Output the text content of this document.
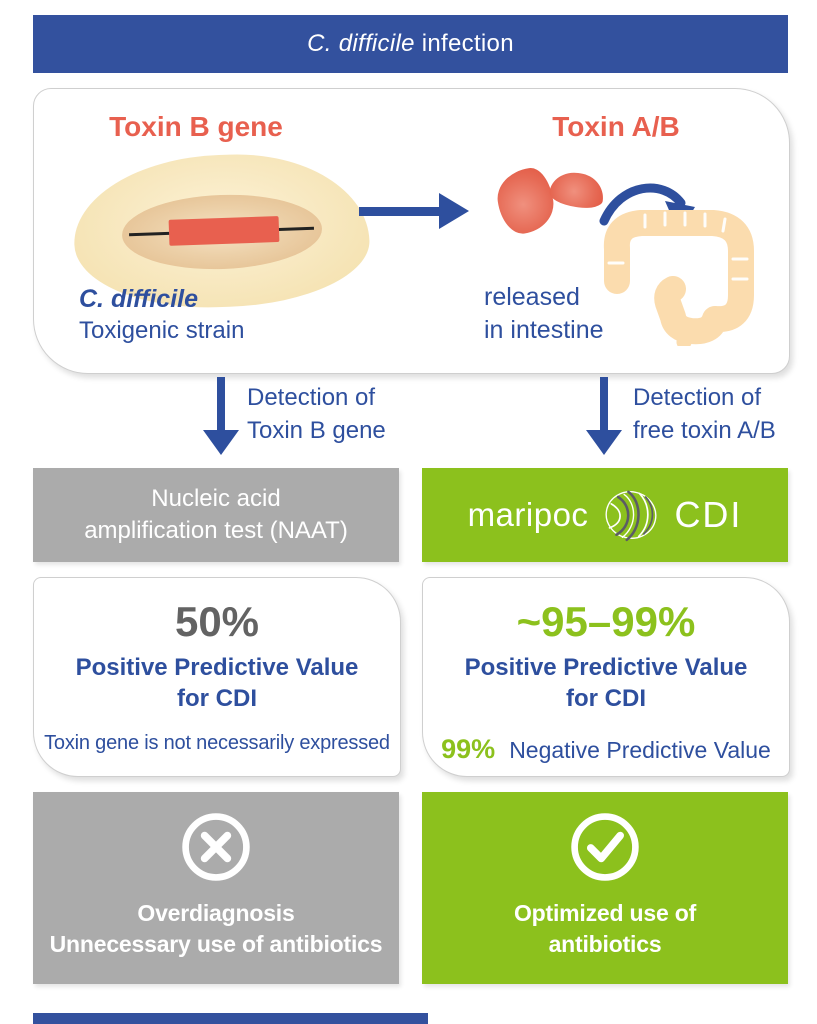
C. difficile infection
Toxin B gene
C. difficile
Toxigenic strain
Toxin A/B
released
in intestine
Detection of
Toxin B gene
Detection of
free toxin A/B
Nucleic acid
amplification test (NAAT)	maripoc CDI
50%
Positive Predictive Value
for CDI
Toxin gene is not necessarily expressed
~95–99%
Positive Predictive Value
for CDI
99% Negative Predictive Value
Overdiagnosis
Unnecessary use of antibiotics
Optimized use of
antibiotics
